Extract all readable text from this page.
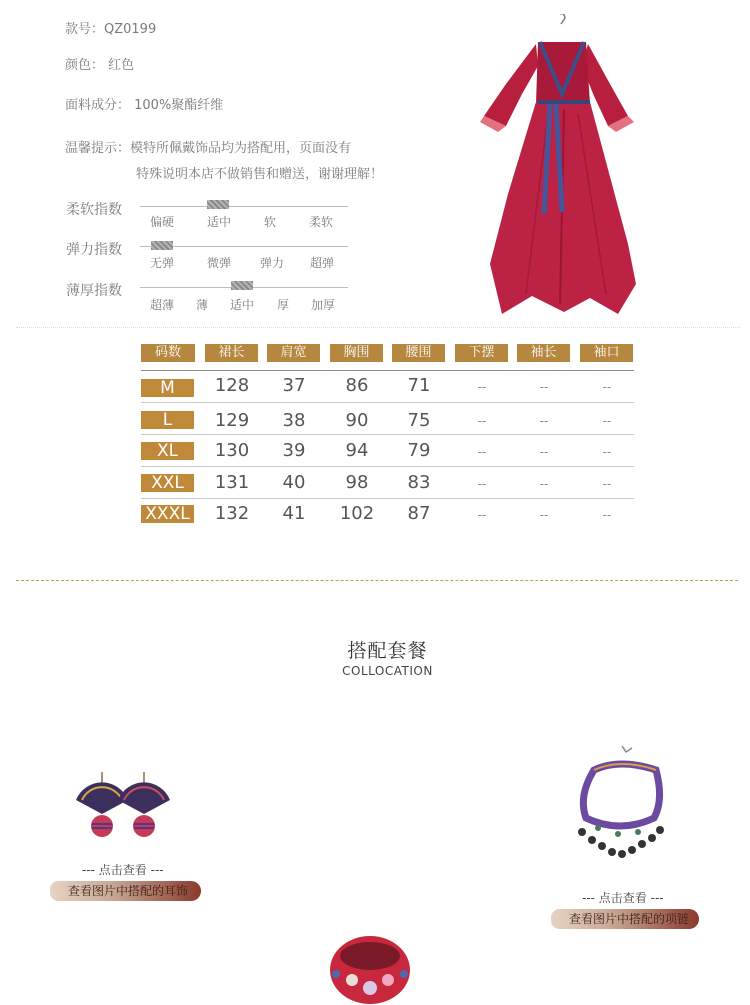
款号：QZ0199
颜色： 红色
面料成分： 100%聚酯纤维
温馨提示：模特所佩戴饰品均为搭配用，页面没有
特殊说明本店不做销售和赠送，谢谢理解！
柔软指数
偏硬	适中	软	柔软
弹力指数
无弹	微弹	弹力	超弹
薄厚指数
超薄	薄	适中	厚	加厚
码数	裙长	肩宽	胸围	腰围	下摆	袖长	袖口
M	128	37	86	71	--	--	--
L	129	38	90	75	--	--	--
XL	130	39	94	79	--	--	--
XXL	131	40	98	83	--	--	--
XXXL	132	41	102	87	--	--	--
搭配套餐
COLLOCATION
--- 点击查看 ---
查看图片中搭配的耳饰	--- 点击查看 ---
查看图片中搭配的项链
